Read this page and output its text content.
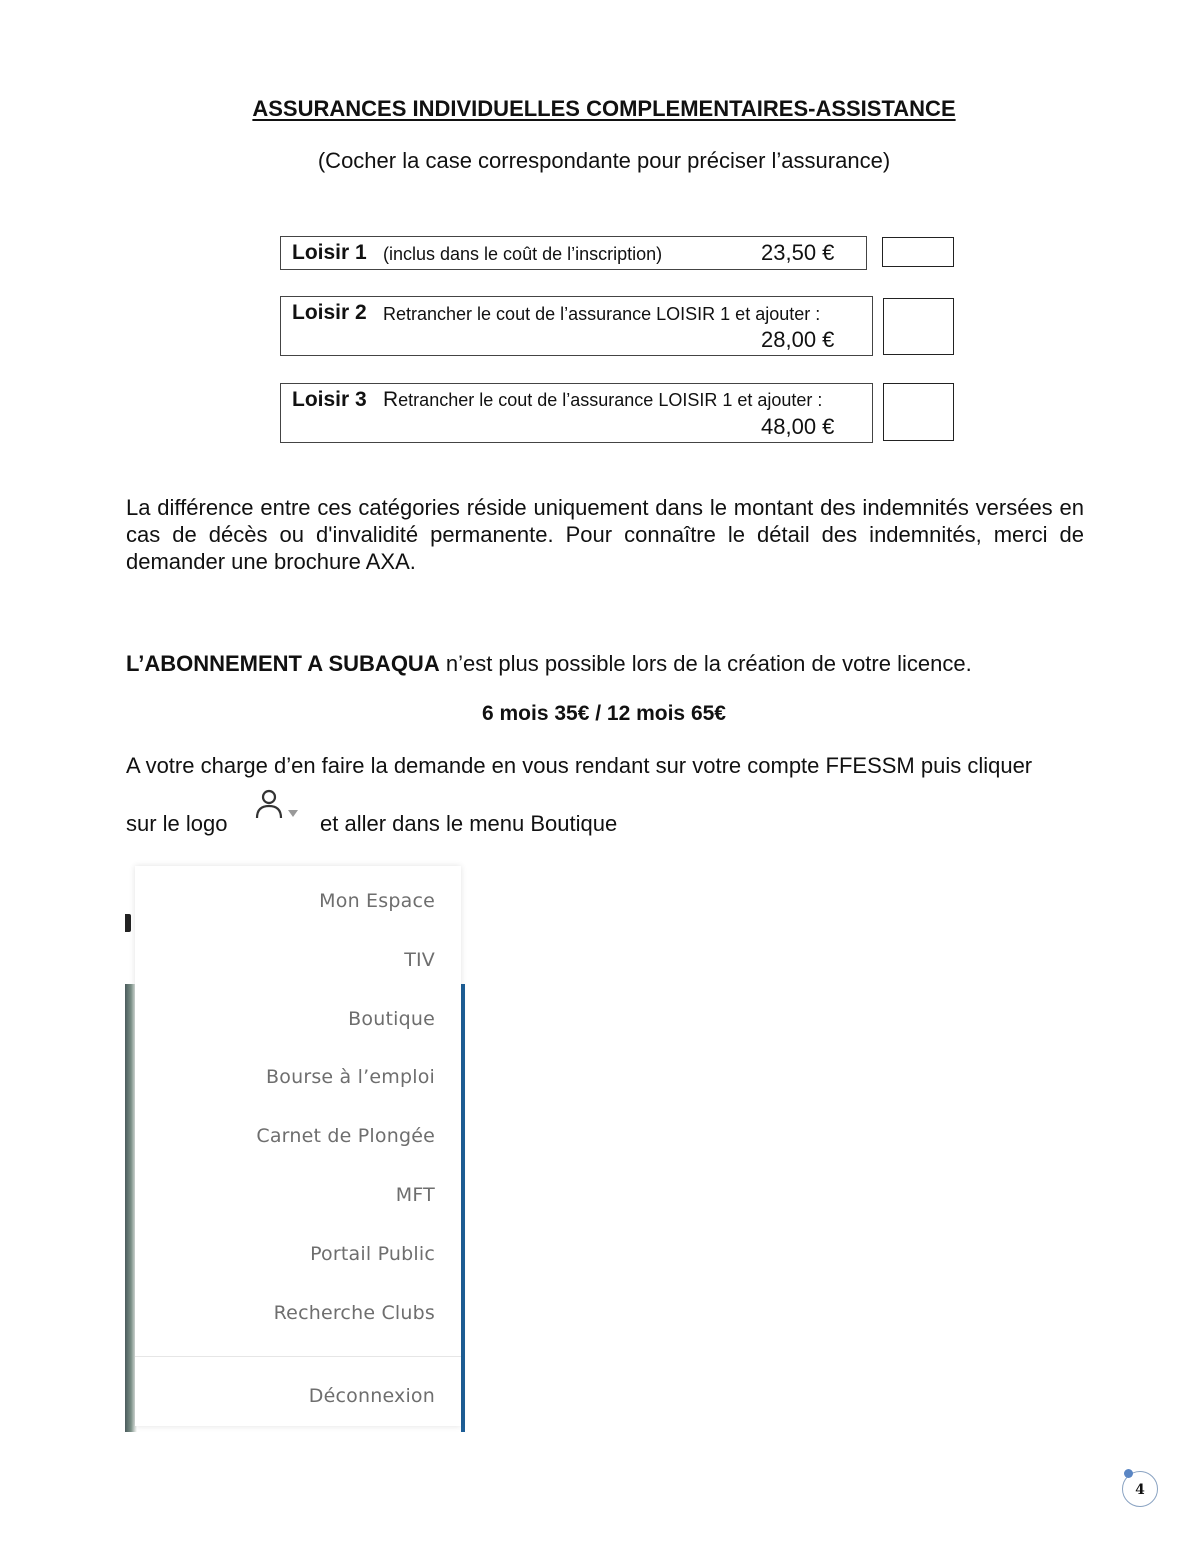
ASSURANCES INDIVIDUELLES COMPLEMENTAIRES-ASSISTANCE
(Cocher la case correspondante pour préciser l’assurance)
Loisir 1 (inclus dans le coût de l’inscription)	23,50 €
Loisir 2 Retrancher le cout de l’assurance LOISIR 1 et ajouter :
28,00 €
Loisir 3 Retrancher le cout de l’assurance LOISIR 1 et ajouter :
48,00 €
La différence entre ces catégories réside uniquement dans le montant des indemnités versées en cas de décès ou d'invalidité permanente. Pour connaître le détail des indemnités, merci de demander une brochure AXA.
L’ABONNEMENT A SUBAQUA n’est plus possible lors de la création de votre licence.
6 mois 35€ / 12 mois 65€
A votre charge d’en faire la demande en vous rendant sur votre compte FFESSM puis cliquer
sur le logo	et aller dans le menu Boutique
Mon Espace
TIV
Boutique
Bourse à l’emploi
Carnet de Plongée
MFT
Portail Public
Recherche Clubs
Déconnexion
4
